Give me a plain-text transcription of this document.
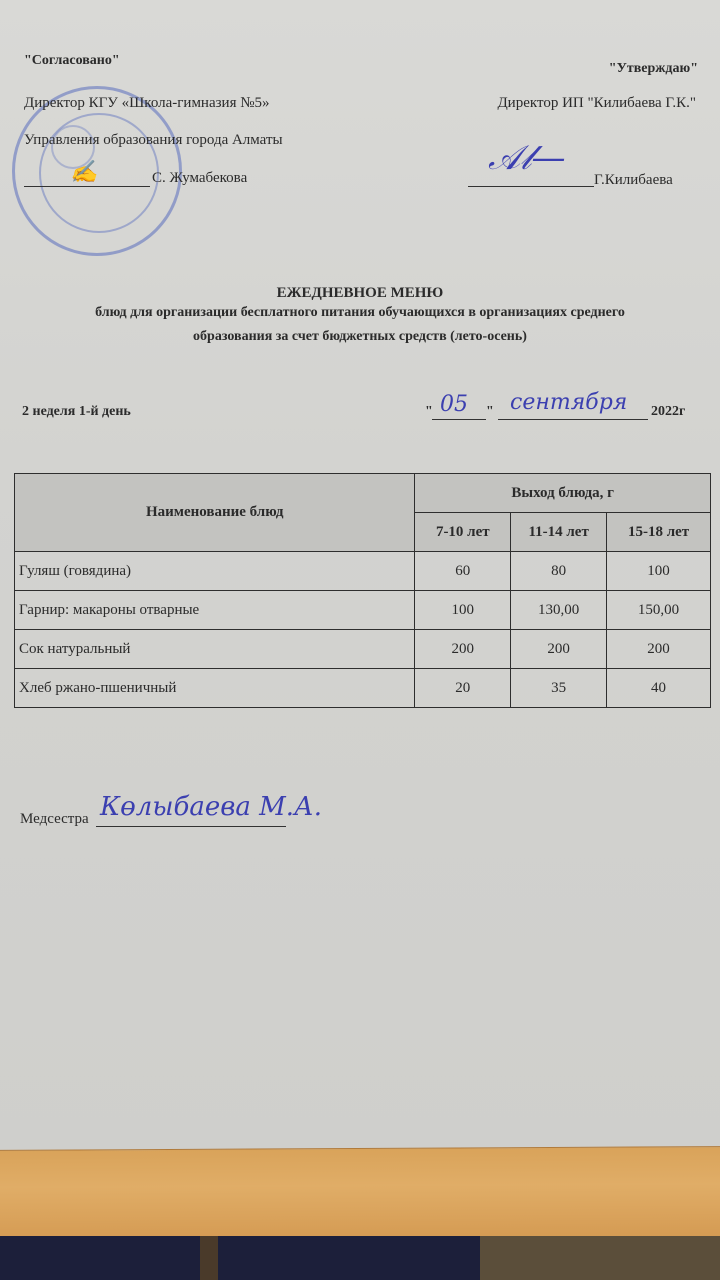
"Согласовано"
Директор КГУ «Школа-гимназия №5»
Управления образования города Алматы
✍	С. Жумабекова
"Утверждаю"
Директор ИП "Килибаева Г.К."
𝒜𝓁—
Г.Килибаева
ЕЖЕДНЕВНОЕ МЕНЮ
блюд для организации бесплатного питания обучающихся в организациях среднего
образования за счет бюджетных средств (лето-осень)
2 неделя 1-й день	" 05 " сентября 2022г
Наименование блюд	Выход блюда, г		
	7-10 лет	11-14 лет	15-18 лет
Гуляш (говядина)	60	80	100
Гарнир: макароны отварные	100	130,00	150,00
Сок натуральный	200	200	200
Хлеб ржано-пшеничный	20	35	40
Медсестра Көлыбаева М.А.
